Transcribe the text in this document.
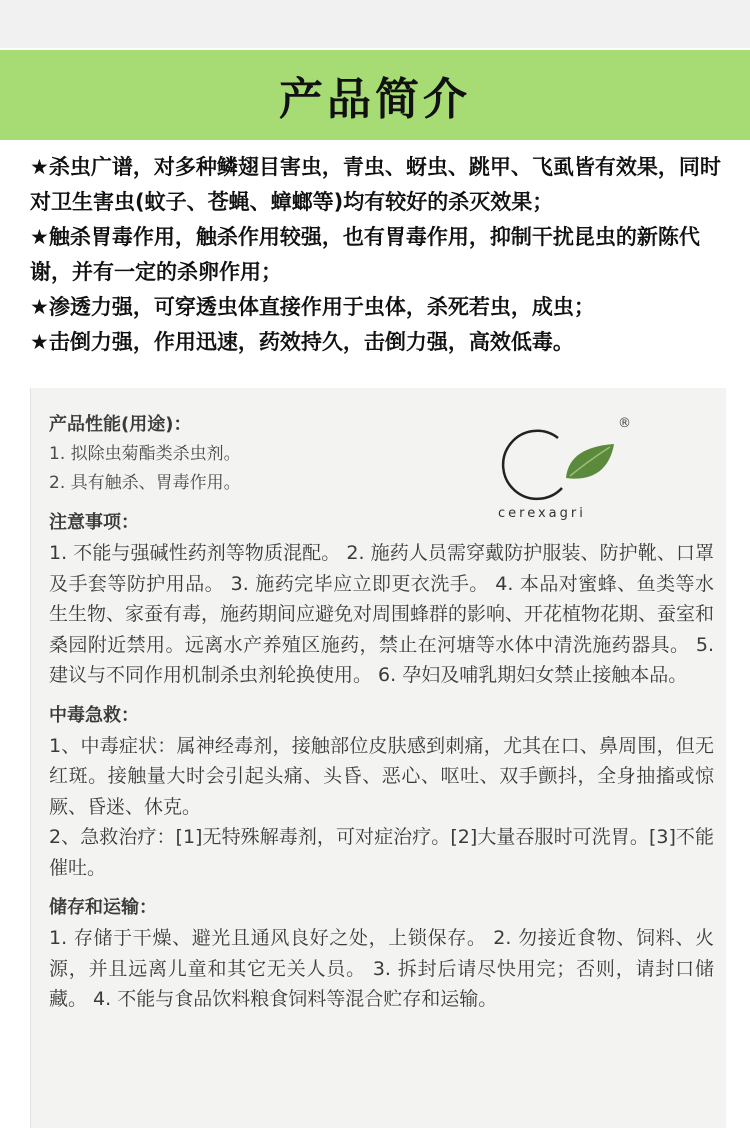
产品简介

★杀虫广谱，对多种鳞翅目害虫，青虫、蚜虫、跳甲、飞虱皆有效果，同时对卫生害虫(蚊子、苍蝇、蟑螂等)均有较好的杀灭效果；

★触杀胃毒作用，触杀作用较强，也有胃毒作用，抑制干扰昆虫的新陈代谢，并有一定的杀卵作用；

★渗透力强，可穿透虫体直接作用于虫体，杀死若虫，成虫；

★击倒力强，作用迅速，药效持久，击倒力强，高效低毒。

®
cerexagri

产品性能(用途)：

1. 拟除虫菊酯类杀虫剂。

2. 具有触杀、胃毒作用。

注意事项：

1. 不能与强碱性药剂等物质混配。 2. 施药人员需穿戴防护服装、防护靴、口罩及手套等防护用品。 3. 施药完毕应立即更衣洗手。 4. 本品对蜜蜂、鱼类等水生生物、家蚕有毒，施药期间应避免对周围蜂群的影响、开花植物花期、蚕室和桑园附近禁用。远离水产养殖区施药，禁止在河塘等水体中清洗施药器具。 5. 建议与不同作用机制杀虫剂轮换使用。 6. 孕妇及哺乳期妇女禁止接触本品。

中毒急救：

1、中毒症状：属神经毒剂，接触部位皮肤感到刺痛，尤其在口、鼻周围，但无红斑。接触量大时会引起头痛、头昏、恶心、呕吐、双手颤抖，全身抽搐或惊厥、昏迷、休克。

2、急救治疗：[1]无特殊解毒剂，可对症治疗。[2]大量吞服时可洗胃。[3]不能催吐。

储存和运输：

1. 存储于干燥、避光且通风良好之处，上锁保存。 2. 勿接近食物、饲料、火源，并且远离儿童和其它无关人员。 3. 拆封后请尽快用完；否则，请封口储藏。 4. 不能与食品饮料粮食饲料等混合贮存和运输。
